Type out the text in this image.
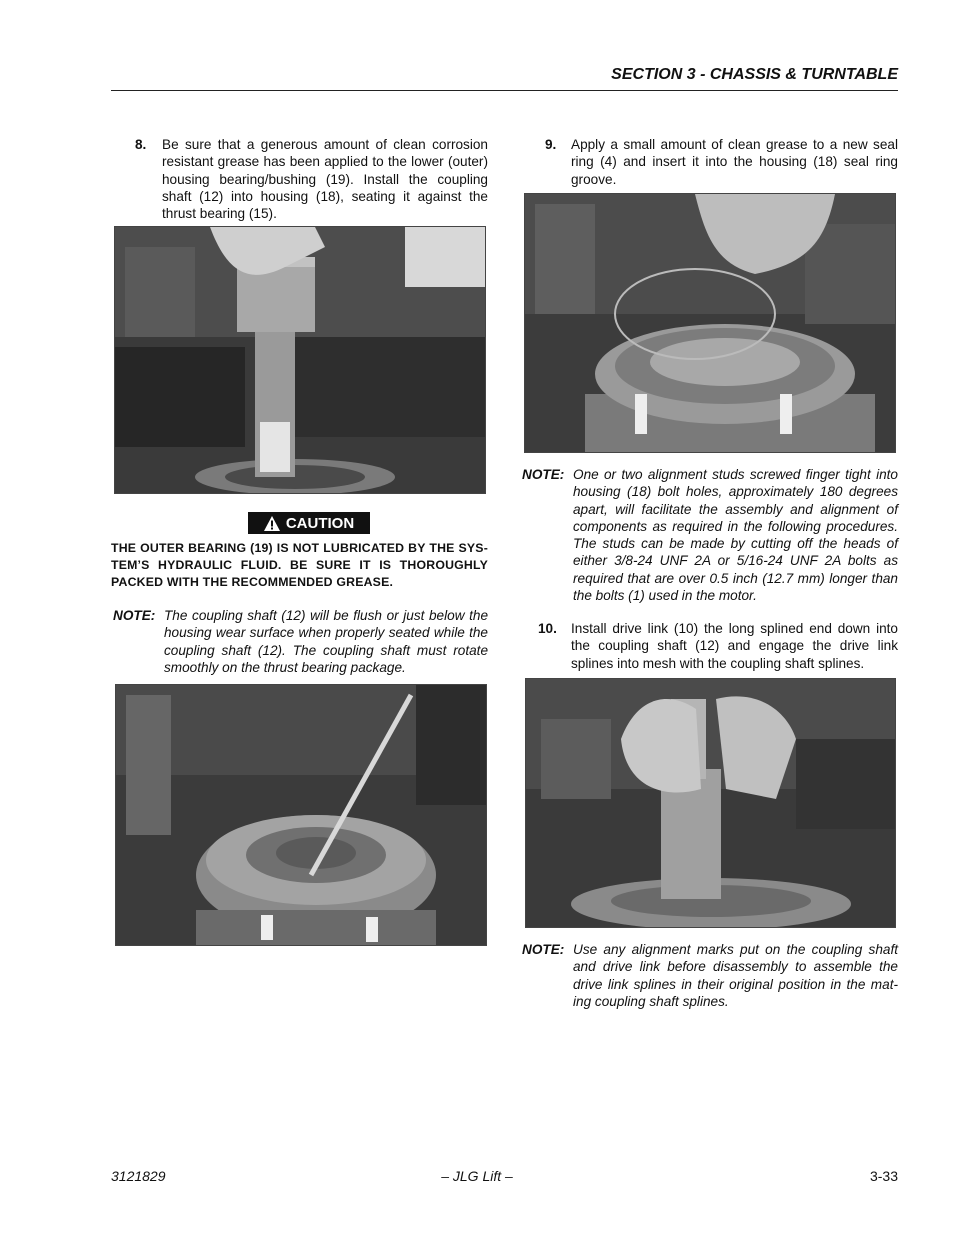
SECTION 3 - CHASSIS & TURNTABLE
8. Be sure that a generous amount of clean corrosion resistant grease has been applied to the lower (outer) housing bearing/bushing (19). Install the coupling shaft (12) into housing (18), seating it against the thrust bearing (15).
CAUTION
THE OUTER BEARING (19) IS NOT LUBRICATED BY THE SYS-TEM’S HYDRAULIC FLUID. BE SURE IT IS THOROUGHLY PACKED WITH THE RECOMMENDED GREASE.
NOTE: The coupling shaft (12) will be flush or just below the housing wear surface when properly seated while the coupling shaft (12). The coupling shaft must rotate smoothly on the thrust bearing package.
9. Apply a small amount of clean grease to a new seal ring (4) and insert it into the housing (18) seal ring groove.
NOTE: One or two alignment studs screwed finger tight into housing (18) bolt holes, approximately 180 degrees apart, will facilitate the assembly and alignment of components as required in the following procedures. The studs can be made by cutting off the heads of either 3/8-24 UNF 2A or 5/16-24 UNF 2A bolts as required that are over 0.5 inch (12.7 mm) longer than the bolts (1) used in the motor.
10. Install drive link (10) the long splined end down into the coupling shaft (12) and engage the drive link splines into mesh with the coupling shaft splines.
NOTE: Use any alignment marks put on the coupling shaft and drive link before disassembly to assemble the drive link splines in their original position in the mat-ing coupling shaft splines.
3121829	– JLG Lift –	3-33
